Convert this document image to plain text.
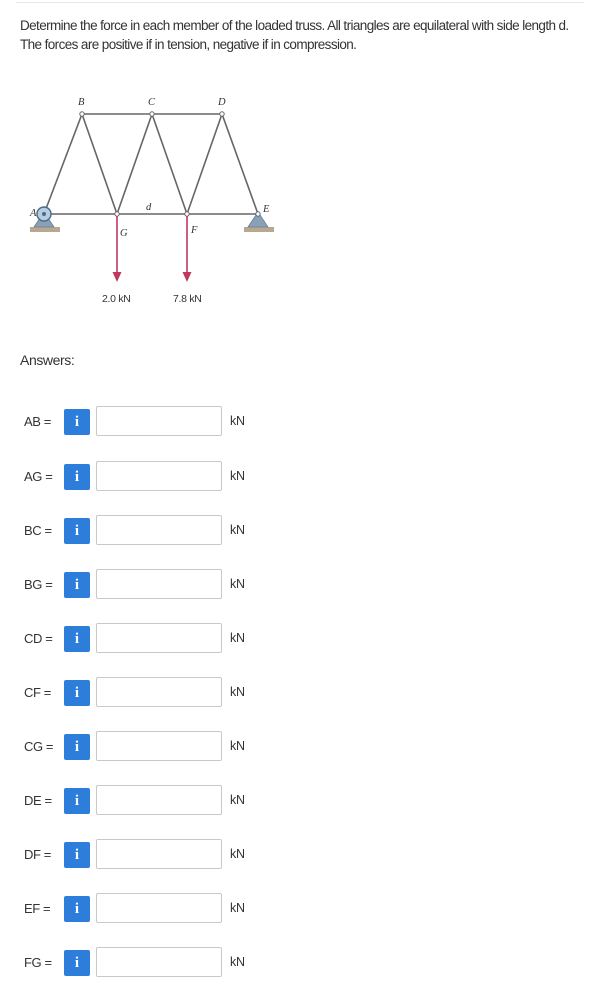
Determine the force in each member of the loaded truss. All triangles are equilateral with side length d. The forces are positive if in tension, negative if in compression.
A
B	C	D
E
G	F
d
2.0 kN	7.8 kN
Answers:
AB =	i	kN
AG =	i	kN
BC =	i	kN
BG =	i	kN
CD =	i	kN
CF =	i	kN
CG =	i	kN
DE =	i	kN
DF =	i	kN
EF =	i	kN
FG =	i	kN
